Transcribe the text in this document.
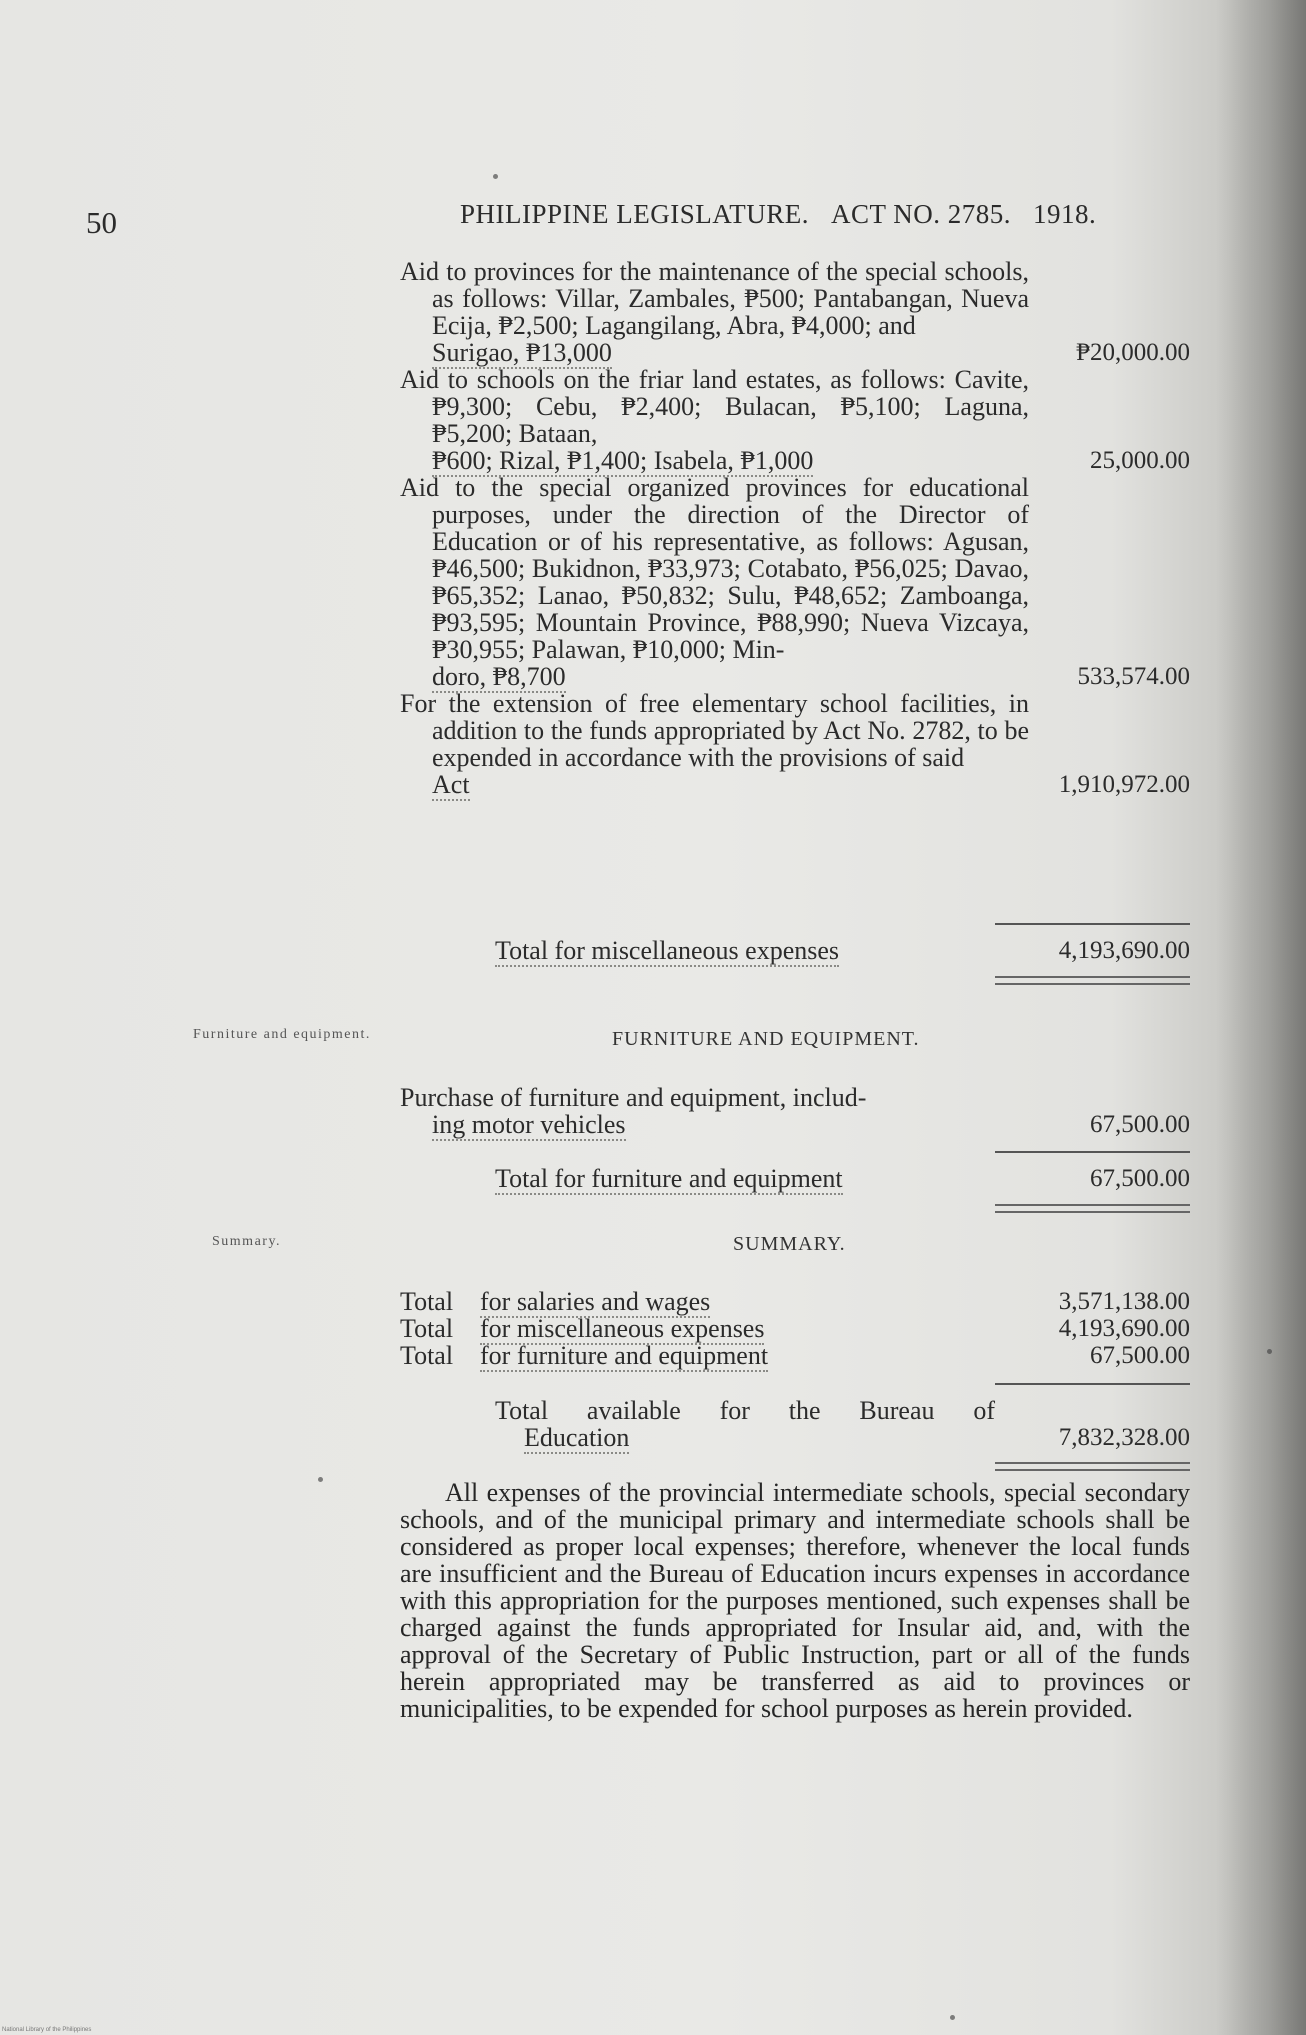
50	PHILIPPINE LEGISLATURE. ACT NO. 2785. 1918.
Aid to provinces for the maintenance of the special schools, as follows: Villar, Zambales, ₱500; Pantabangan, Nueva Ecija, ₱2,500; Lagangilang, Abra, ₱4,000; and
Surigao, ₱13,000	₱20,000.00
Aid to schools on the friar land estates, as follows: Cavite, ₱9,300; Cebu, ₱2,400; Bulacan, ₱5,100; Laguna, ₱5,200; Bataan,
₱600; Rizal, ₱1,400; Isabela, ₱1,000	25,000.00
Aid to the special organized provinces for educational purposes, under the direction of the Director of Education or of his representative, as follows: Agusan, ₱46,500; Bukidnon, ₱33,973; Cotabato, ₱56,025; Davao, ₱65,352; Lanao, ₱50,832; Sulu, ₱48,652; Zamboanga, ₱93,595; Mountain Province, ₱88,990; Nueva Vizcaya, ₱30,955; Palawan, ₱10,000; Min-
doro, ₱8,700	533,574.00
For the extension of free elementary school facilities, in addition to the funds appropriated by Act No. 2782, to be expended in accordance with the provisions of said
Act	1,910,972.00
Total for miscellaneous expenses	4,193,690.00
Furniture and equipment.	FURNITURE AND EQUIPMENT.
Purchase of furniture and equipment, includ-
ing motor vehicles	67,500.00
Total for furniture and equipment	67,500.00
Summary.	SUMMARY.
Total for salaries and wages	3,571,138.00
Total for miscellaneous expenses	4,193,690.00
Total for furniture and equipment	67,500.00
Total available for the Bureau of
Education	7,832,328.00
All expenses of the provincial intermediate schools, special secondary schools, and of the municipal primary and intermediate schools shall be considered as proper local expenses; therefore, whenever the local funds are insufficient and the Bureau of Education incurs expenses in accordance with this appropriation for the purposes mentioned, such expenses shall be charged against the funds appropriated for Insular aid, and, with the approval of the Secretary of Public Instruction, part or all of the funds herein appropriated may be transferred as aid to provinces or municipalities, to be expended for school purposes as herein provided.
National Library of the Philippines
